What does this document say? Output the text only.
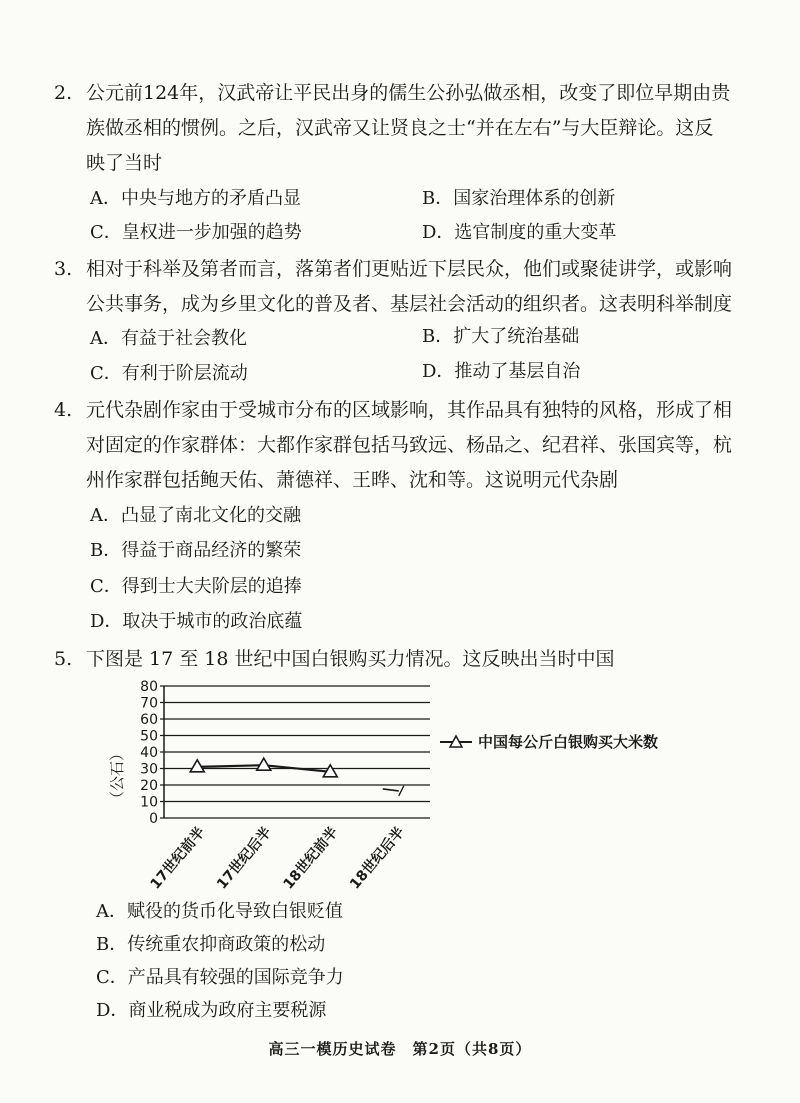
2. 公元前124年，汉武帝让平民出身的儒生公孙弘做丞相，改变了即位早期由贵
族做丞相的惯例。之后，汉武帝又让贤良之士“并在左右”与大臣辩论。这反
映了当时
A．中央与地方的矛盾凸显	B．国家治理体系的创新
C．皇权进一步加强的趋势	D．选官制度的重大变革
3. 相对于科举及第者而言，落第者们更贴近下层民众，他们或聚徒讲学，或影响
公共事务，成为乡里文化的普及者、基层社会活动的组织者。这表明科举制度
A．有益于社会教化	B．扩大了统治基础
C．有利于阶层流动	D．推动了基层自治
4. 元代杂剧作家由于受城市分布的区域影响，其作品具有独特的风格，形成了相
对固定的作家群体：大都作家群包括马致远、杨品之、纪君祥、张国宾等，杭
州作家群包括鲍天佑、萧德祥、王晔、沈和等。这说明元代杂剧
A．凸显了南北文化的交融
B．得益于商品经济的繁荣
C．得到士大夫阶层的追捧
D．取决于城市的政治底蕴
5. 下图是 17 至 18 世纪中国白银购买力情况。这反映出当时中国
0
10
20
30
40
50
60
70
80
17世纪前半 17世纪后半 18世纪前半 18世纪后半
（公石）
中国每公斤白银购买大米数
A．赋役的货币化导致白银贬值
B．传统重农抑商政策的松动
C．产品具有较强的国际竞争力
D．商业税成为政府主要税源
高三一模历史试卷　第2页（共8页）
